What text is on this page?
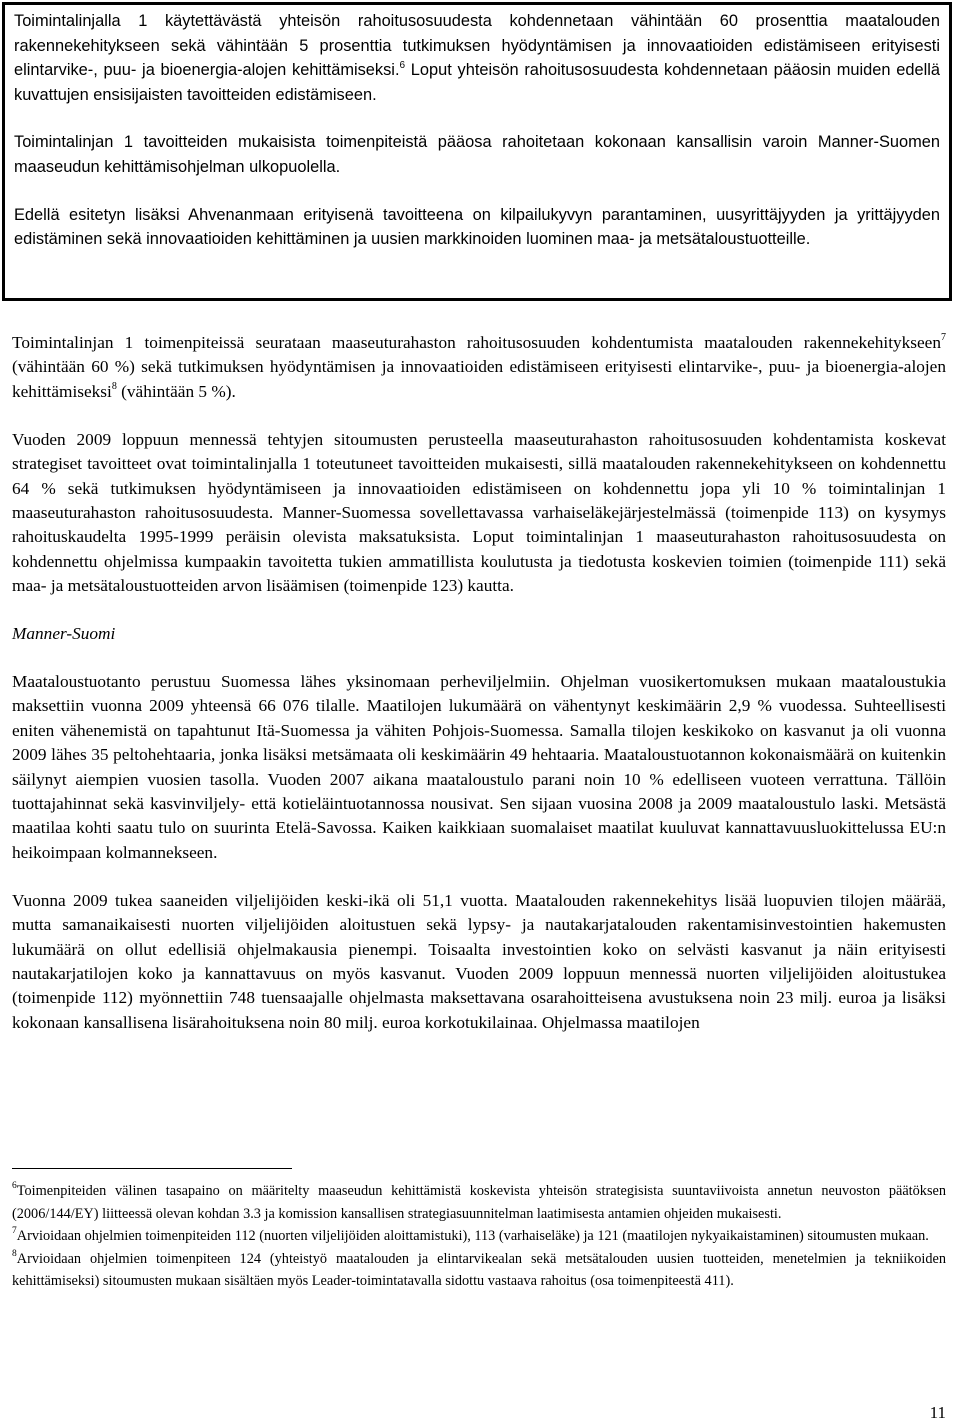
Toimintalinjalla 1 käytettävästä yhteisön rahoitusosuudesta kohdennetaan vähintään 60 prosenttia maatalouden rakennekehitykseen sekä vähintään 5 prosenttia tutkimuksen hyödyntämisen ja innovaatioiden edistämiseen erityisesti elintarvike-, puu- ja bioenergia-alojen kehittämiseksi.$^6$ Loput yhteisön rahoitusosuudesta kohdennetaan pääosin muiden edellä kuvattujen ensisijaisten tavoitteiden edistämiseen.

Toimintalinjan 1 tavoitteiden mukaisista toimenpiteistä pääosa rahoitetaan kokonaan kansallisin varoin Manner-Suomen maaseudun kehittämisohjelman ulkopuolella.

Edellä esitetyn lisäksi Ahvenanmaan erityisenä tavoitteena on kilpailukyvyn parantaminen, uusyrittäjyyden ja yrittäjyyden edistäminen sekä innovaatioiden kehittäminen ja uusien markkinoiden luominen maa- ja metsätaloustuotteille.

Toimintalinjan 1 toimenpiteissä seurataan maaseuturahaston rahoitusosuuden kohdentumista maatalouden rakennekehitykseen$^7$ (vähintään 60 %) sekä tutkimuksen hyödyntämisen ja innovaatioiden edistämiseen erityisesti elintarvike-, puu- ja bioenergia-alojen kehittämiseksi$^8$ (vähintään 5 %).

Vuoden 2009 loppuun mennessä tehtyjen sitoumusten perusteella maaseuturahaston rahoitusosuuden kohdentamista koskevat strategiset tavoitteet ovat toimintalinjalla 1 toteutuneet tavoitteiden mukaisesti, sillä maatalouden rakennekehitykseen on kohdennettu 64 % sekä tutkimuksen hyödyntämiseen ja innovaatioiden edistämiseen on kohdennettu jopa yli 10 % toimintalinjan 1 maaseuturahaston rahoitusosuudesta. Manner-Suomessa sovellettavassa varhaiseläkejärjestelmässä (toimenpide 113) on kysymys rahoituskaudelta 1995-1999 peräisin olevista maksatuksista. Loput toimintalinjan 1 maaseuturahaston rahoitusosuudesta on kohdennettu ohjelmissa kumpaakin tavoitetta tukien ammatillista koulutusta ja tiedotusta koskevien toimien (toimenpide 111) sekä maa- ja metsätaloustuotteiden arvon lisäämisen (toimenpide 123) kautta.

Manner-Suomi

Maataloustuotanto perustuu Suomessa lähes yksinomaan perheviljelmiin. Ohjelman vuosikertomuksen mukaan maataloustukia maksettiin vuonna 2009 yhteensä 66 076 tilalle. Maatilojen lukumäärä on vähentynyt keskimäärin 2,9 % vuodessa. Suhteellisesti eniten vähenemistä on tapahtunut Itä-Suomessa ja vähiten Pohjois-Suomessa. Samalla tilojen keskikoko on kasvanut ja oli vuonna 2009 lähes 35 peltohehtaaria, jonka lisäksi metsämaata oli keskimäärin 49 hehtaaria. Maataloustuotannon kokonaismäärä on kuitenkin säilynyt aiempien vuosien tasolla. Vuoden 2007 aikana maataloustulo parani noin 10 % edelliseen vuoteen verrattuna. Tällöin tuottajahinnat sekä kasvinviljely- että kotieläintuotannossa nousivat. Sen sijaan vuosina 2008 ja 2009 maataloustulo laski. Metsästä maatilaa kohti saatu tulo on suurinta Etelä-Savossa. Kaiken kaikkiaan suomalaiset maatilat kuuluvat kannattavuusluokittelussa EU:n heikoimpaan kolmannekseen.

Vuonna 2009 tukea saaneiden viljelijöiden keski-ikä oli 51,1 vuotta. Maatalouden rakennekehitys lisää luopuvien tilojen määrää, mutta samanaikaisesti nuorten viljelijöiden aloitustuen sekä lypsy- ja nautakarjatalouden rakentamisinvestointien hakemusten lukumäärä on ollut edellisiä ohjelmakausia pienempi. Toisaalta investointien koko on selvästi kasvanut ja näin erityisesti nautakarjatilojen koko ja kannattavuus on myös kasvanut. Vuoden 2009 loppuun mennessä nuorten viljelijöiden aloitustukea (toimenpide 112) myönnettiin 748 tuensaajalle ohjelmasta maksettavana osarahoitteisena avustuksena noin 23 milj. euroa ja lisäksi kokonaan kansallisena lisärahoituksena noin 80 milj. euroa korkotukilainaa. Ohjelmassa maatilojen

$^6$Toimenpiteiden välinen tasapaino on määritelty maaseudun kehittämistä koskevista yhteisön strategisista suuntaviivoista annetun neuvoston päätöksen (2006/144/EY) liitteessä olevan kohdan 3.3 ja komission kansallisen strategiasuunnitelman laatimisesta antamien ohjeiden mukaisesti.

$^7$Arvioidaan ohjelmien toimenpiteiden 112 (nuorten viljelijöiden aloittamistuki), 113 (varhaiseläke) ja 121 (maatilojen nykyaikaistaminen) sitoumusten mukaan.

$^8$Arvioidaan ohjelmien toimenpiteen 124 (yhteistyö maatalouden ja elintarvikealan sekä metsätalouden uusien tuotteiden, menetelmien ja tekniikoiden kehittämiseksi) sitoumusten mukaan sisältäen myös Leader-toimintatavalla sidottu vastaava rahoitus (osa toimenpiteestä 411).

11
